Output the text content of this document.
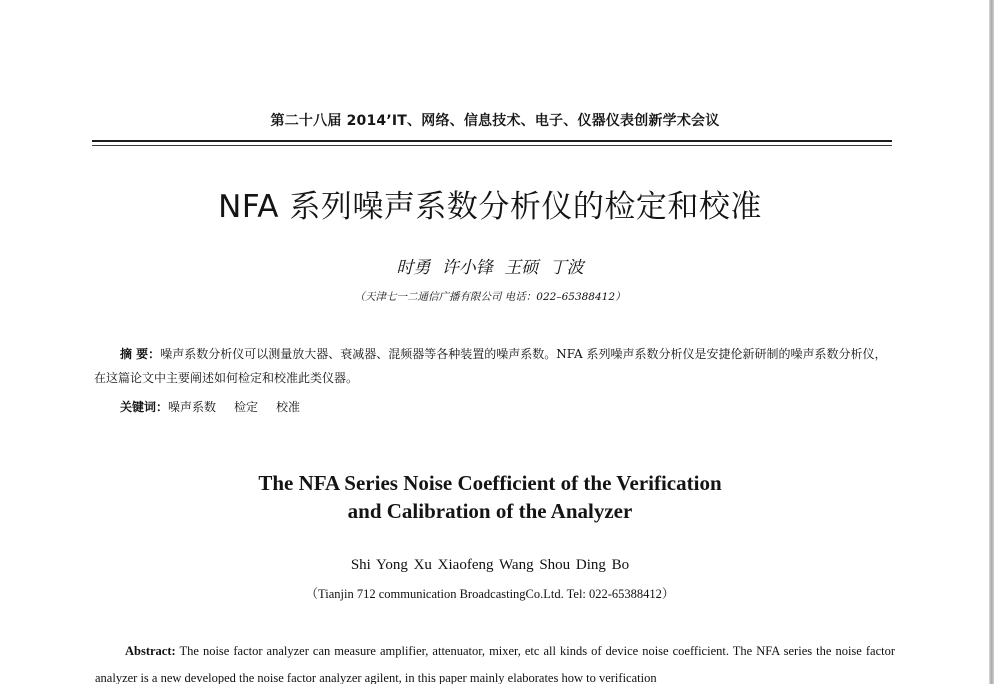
第二十八届 2014’IT、网络、信息技术、电子、仪器仪表创新学术会议
NFA 系列噪声系数分析仪的检定和校准
时勇 许小锋 王硕 丁波
（天津七一二通信广播有限公司 电话：022–65388412）
摘 要：噪声系数分析仪可以测量放大器、衰减器、混频器等各种装置的噪声系数。NFA 系列噪声系数分析仪是安捷伦新研制的噪声系数分析仪，在这篇论文中主要阐述如何检定和校准此类仪器。
关键词：噪声系数 检定 校准
The NFA Series Noise Coefficient of the Verification
and Calibration of the Analyzer
Shi Yong Xu Xiaofeng Wang Shou Ding Bo
（Tianjin 712 communication BroadcastingCo.Ltd. Tel: 022-65388412）
Abstract: The noise factor analyzer can measure amplifier, attenuator, mixer, etc all kinds of device noise coefficient. The NFA series the noise factor analyzer is a new developed the noise factor analyzer agilent, in this paper mainly elaborates how to verification
